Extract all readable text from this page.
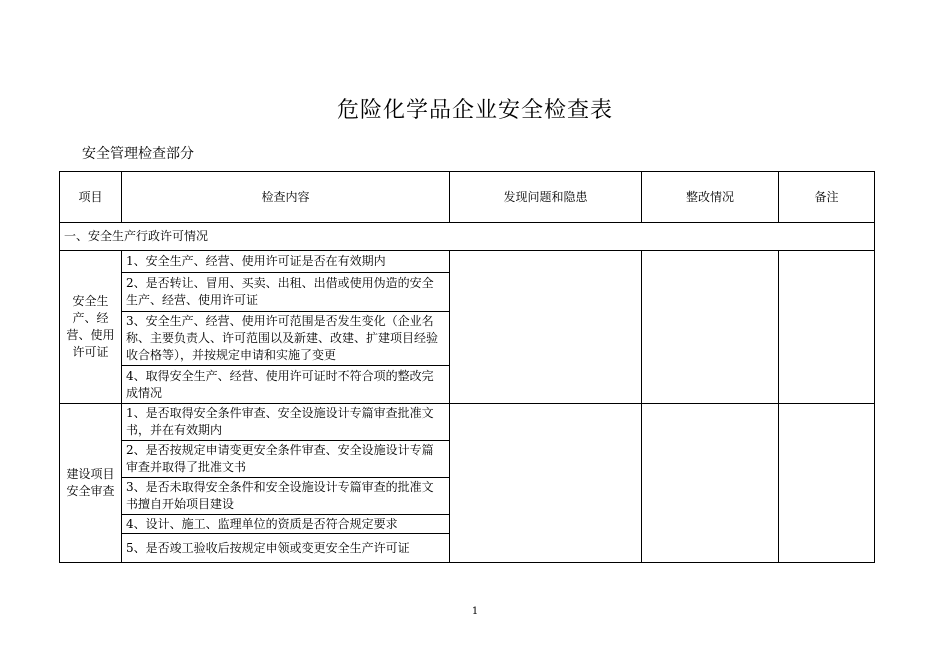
危险化学品企业安全检查表
安全管理检查部分
项目	检查内容	发现问题和隐患	整改情况	备注
一、安全生产行政许可情况				
安全生产、经营、使用许可证	1、安全生产、经营、使用许可证是否在有效期内			
	2、是否转让、冒用、买卖、出租、出借或使用伪造的安全生产、经营、使用许可证			
	3、安全生产、经营、使用许可范围是否发生变化（企业名称、主要负责人、许可范围以及新建、改建、扩建项目经验收合格等），并按规定申请和实施了变更			
	4、取得安全生产、经营、使用许可证时不符合项的整改完成情况			
建设项目安全审查	1、是否取得安全条件审查、安全设施设计专篇审查批准文书，并在有效期内			
	2、是否按规定申请变更安全条件审查、安全设施设计专篇审查并取得了批准文书			
	3、是否未取得安全条件和安全设施设计专篇审查的批准文书擅自开始项目建设			
	4、设计、施工、监理单位的资质是否符合规定要求			
	5、是否竣工验收后按规定申领或变更安全生产许可证			
1
